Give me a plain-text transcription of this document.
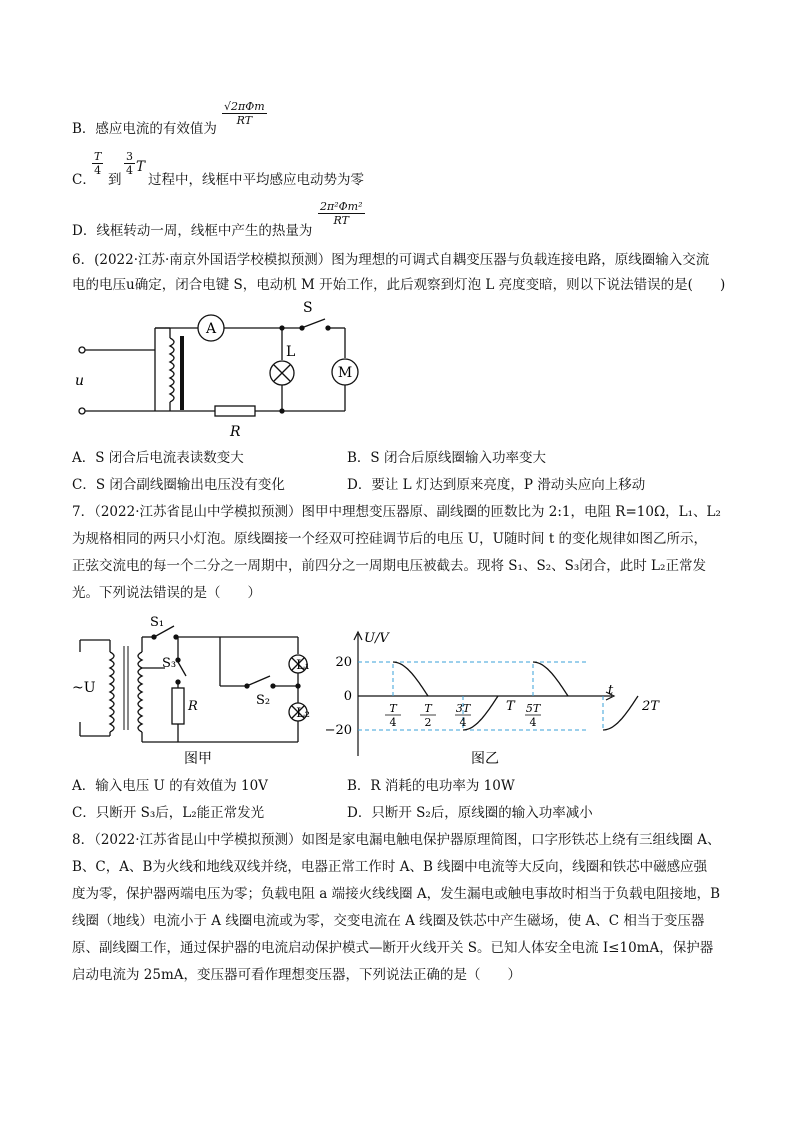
B．感应电流的有效值为
√2πΦm
RT
C．
$\frac{T}{4}$
到
$\frac{3}{4}$ T
过程中，线框中平均感应电动势为零
D．线框转动一周，线框中产生的热量为
$\frac{\text{2π²Φm²}}{RT}$
6．(2022·江苏·南京外国语学校模拟预测）图为理想的可调式自耦变压器与负载连接电路，原线圈输入交流
电的电压u确定，闭合电键 S，电动机 M 开始工作，此后观察到灯泡 L 亮度变暗，则以下说法错误的是(　　)
A
S
L
M
u
R
A．S 闭合后电流表读数变大	B．S 闭合后原线圈输入功率变大
C．S 闭合副线圈输出电压没有变化	D．要让 L 灯达到原来亮度，P 滑动头应向上移动
7．（2022·江苏省昆山中学模拟预测）图甲中理想变压器原、副线圈的匝数比为 2:1，电阻 R=10Ω，L₁、L₂
为规格相同的两只小灯泡。原线圈接一个经双可控硅调节后的电压 U，U随时间 t 的变化规律如图乙所示，
正弦交流电的每一个二分之一周期中，前四分之一周期电压被截去。现将 S₁、S₂、S₃闭合，此时 L₂正常发
光。下列说法错误的是（　　）
~U
S₁
S₃
R	S₂
L₁
L₂
图甲
U/V
t
20
0
−20
T
4
T
2
3T
4
T 5T
4
2T
图乙
A．输入电压 U 的有效值为 10V	B．R 消耗的电功率为 10W
C．只断开 S₃后，L₂能正常发光	D．只断开 S₂后，原线圈的输入功率减小
8．（2022·江苏省昆山中学模拟预测）如图是家电漏电触电保护器原理简图，口字形铁芯上绕有三组线圈 A、
B、C，A、B为火线和地线双线并绕，电器正常工作时 A、B 线圈中电流等大反向，线圈和铁芯中磁感应强
度为零，保护器两端电压为零；负载电阻 a 端接火线线圈 A，发生漏电或触电事故时相当于负载电阻接地，B
线圈（地线）电流小于 A 线圈电流或为零，交变电流在 A 线圈及铁芯中产生磁场，使 A、C 相当于变压器
原、副线圈工作，通过保护器的电流启动保护模式—断开火线开关 S。已知人体安全电流 I≤10mA，保护器
启动电流为 25mA，变压器可看作理想变压器，下列说法正确的是（　　）
